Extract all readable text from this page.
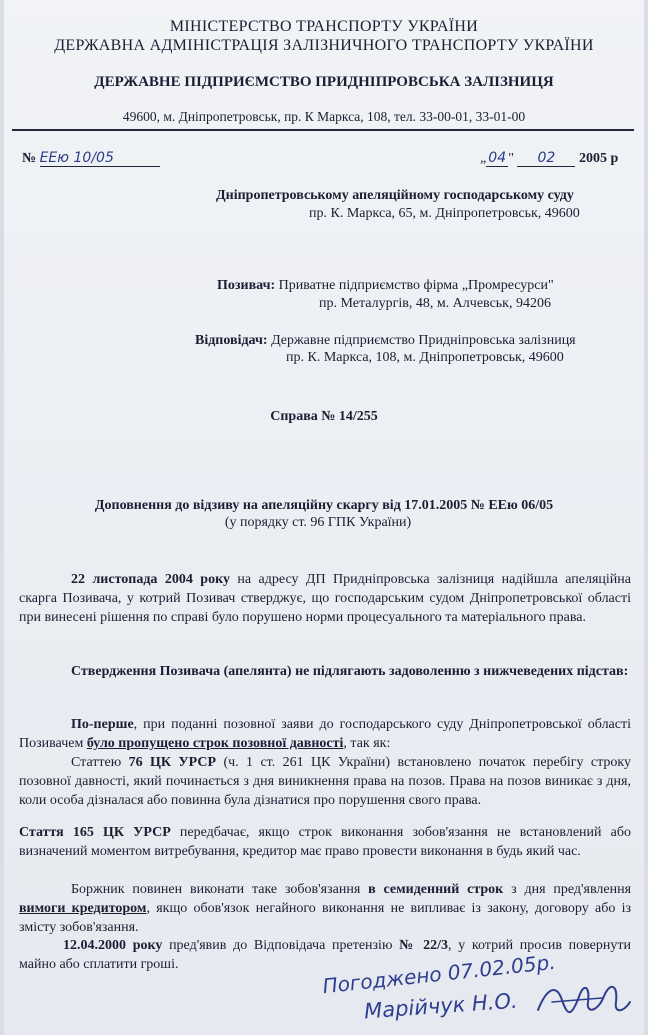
МІНІСТЕРСТВО ТРАНСПОРТУ УКРАЇНИ
ДЕРЖАВНА АДМІНІСТРАЦІЯ ЗАЛІЗНИЧНОГО ТРАНСПОРТУ УКРАЇНИ
ДЕРЖАВНЕ ПІДПРИЄМСТВО ПРИДНІПРОВСЬКА ЗАЛІЗНИЦЯ
49600, м. Дніпропетровськ, пр. К Маркса, 108, тел. 33-00-01, 33-01-00
№ ЕЕю 10/05	„ 04 " 02 2005 р
Дніпропетровському апеляційному господарському суду
пр. К. Маркса, 65, м. Дніпропетровськ, 49600
Позивач: Приватне підприємство фірма „Промресурси"
пр. Металургів, 48, м. Алчевськ, 94206
Відповідач: Державне підприємство Придніпровська залізниця
пр. К. Маркса, 108, м. Дніпропетровськ, 49600
Справа № 14/255
Доповнення до відзиву на апеляційну скаргу від 17.01.2005 № ЕЕю 06/05
(у порядку ст. 96 ГПК України)

22 листопада 2004 року на адресу ДП Придніпровська залізниця надійшла апеляційна скарга Позивача, у котрий Позивач стверджує, що господарським судом Дніпропетровської області при винесені рішення по справі було порушено норми процесуального та матеріального права.

Ствердження Позивача (апелянта) не підлягають задоволенню з нижчеведених підстав:

По-перше, при поданні позовної заяви до господарського суду Дніпропетровської області Позивачем було пропущено строк позовної давності, так як:

Статтею 76 ЦК УРСР (ч. 1 ст. 261 ЦК України) встановлено початок перебігу строку позовної давності, який починається з дня виникнення права на позов. Права на позов виникає з дня, коли особа дізналася або повинна була дізнатися про порушення свого права.

Стаття 165 ЦК УРСР передбачає, якщо строк виконання зобов'язання не встановлений або визначений моментом витребування, кредитор має право провести виконання в будь який час.

Боржник повинен виконати таке зобов'язання в семиденний строк з дня пред'явлення вимоги кредитором, якщо обов'язок негайного виконання не випливає із закону, договору або із змісту зобов'язання.

12.04.2000 року пред'явив до Відповідача претензію № 22/3, у котрий просив повернути майно або сплатити гроші.	Погоджено 07.02.05р.
Марійчук Н.О.
